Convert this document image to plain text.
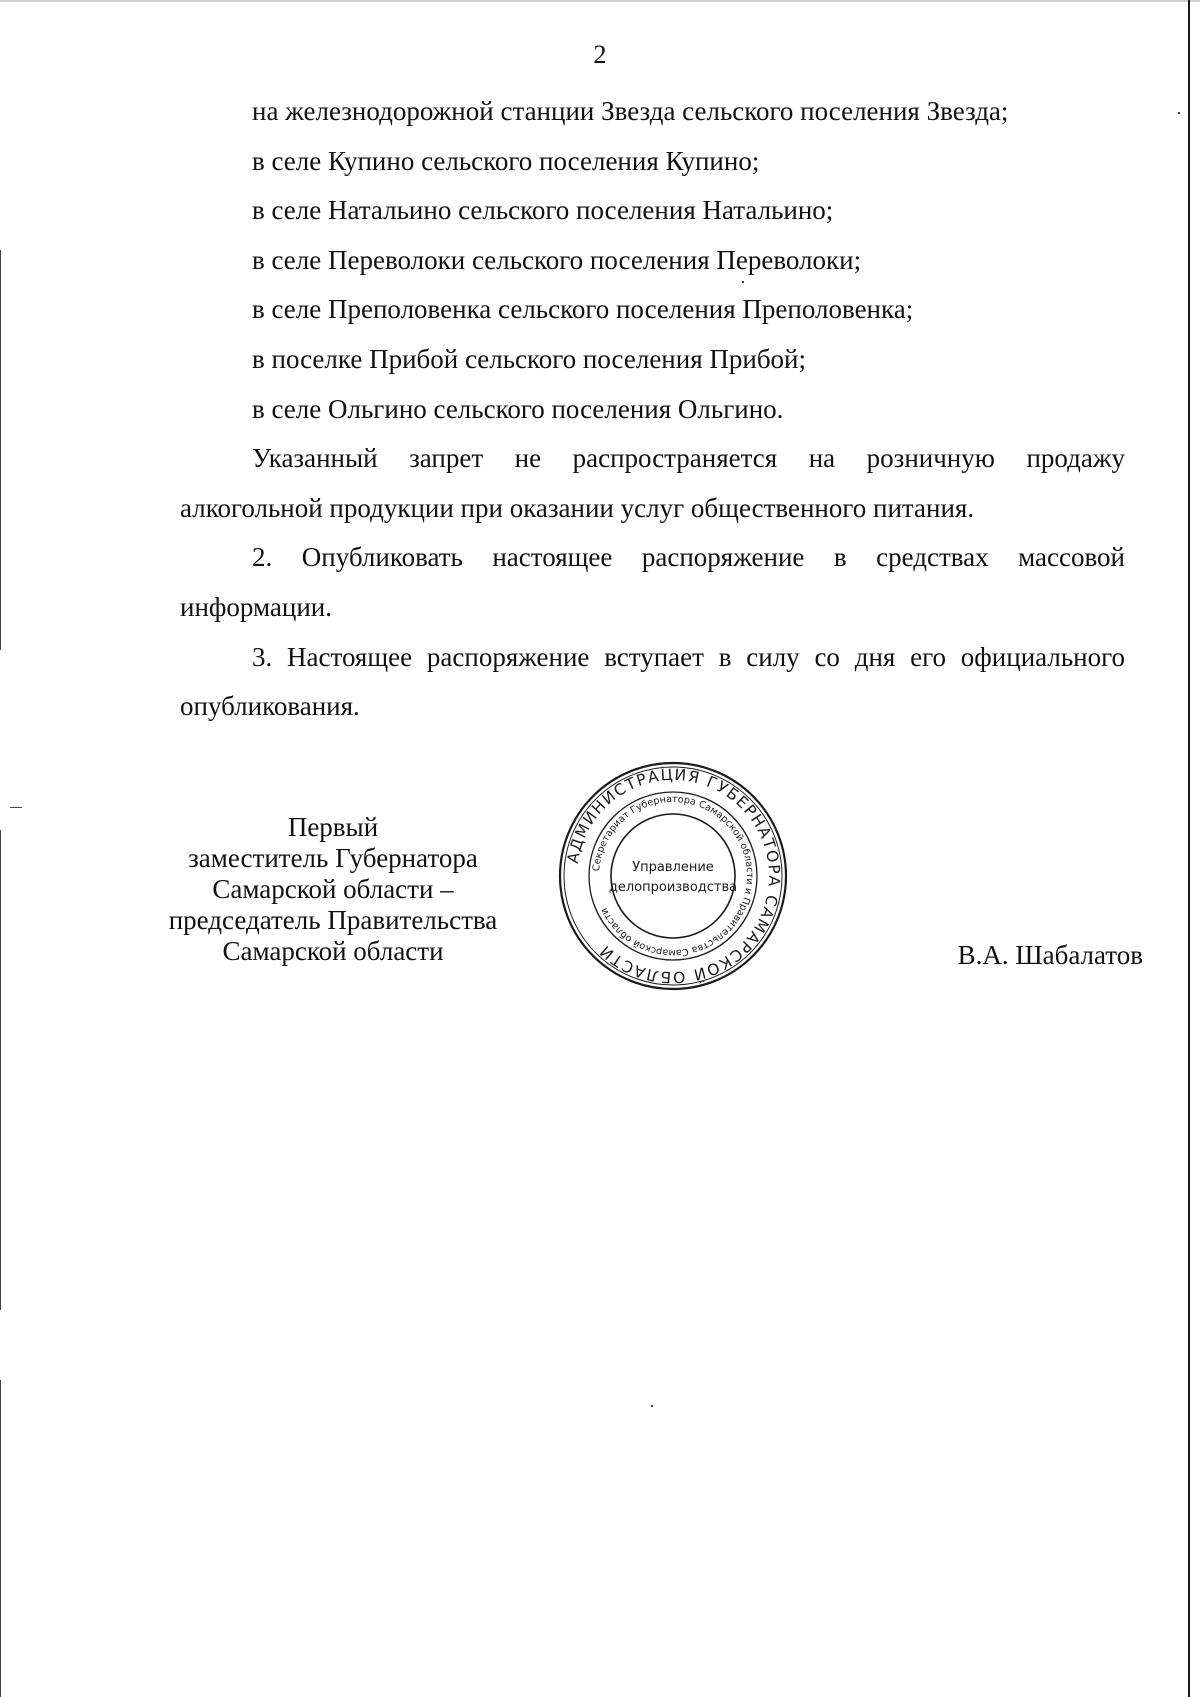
2

на железнодорожной станции Звезда сельского поселения Звезда;

в селе Купино сельского поселения Купино;

в селе Натальино сельского поселения Натальино;

в селе Переволоки сельского поселения Переволоки;

в селе Преполовенка сельского поселения Преполовенка;

в поселке Прибой сельского поселения Прибой;

в селе Ольгино сельского поселения Ольгино.

Указанный запрет не распространяется на розничную продажу алкогольной продукции при оказании услуг общественного питания.

2. Опубликовать настоящее распоряжение в средствах массовой информации.

3. Настоящее распоряжение вступает в силу со дня его официального опубликования.

Первый
заместитель Губернатора
Самарской области –
председатель Правительства
Самарской области
АДМИНИСТРАЦИЯ ГУБЕРНАТОРА САМАРСКОЙ ОБЛАСТИ
Секретариат Губернатора Самарской области и Правительства Самарской области
Управление
делопроизводства
В.А. Шабалатов
